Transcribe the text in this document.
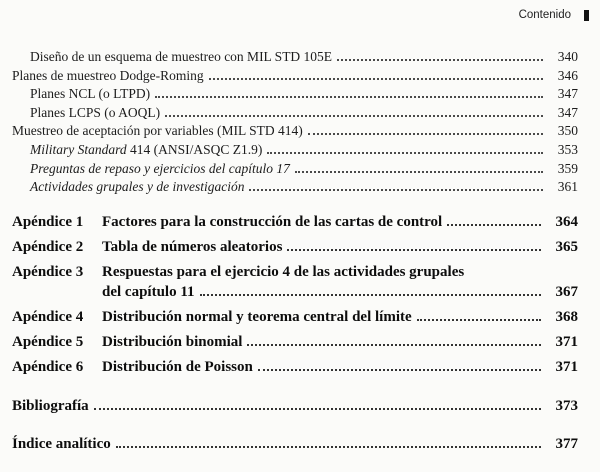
Contenido
Diseño de un esquema de muestreo con MIL STD 105E	340
Planes de muestreo Dodge-Roming	346
Planes NCL (o LTPD)	347
Planes LCPS (o AOQL)	347
Muestreo de aceptación por variables (MIL STD 414)	350
Military Standard 414 (ANSI/ASQC Z1.9)	353
Preguntas de repaso y ejercicios del capítulo 17	359
Actividades grupales y de investigación	361
Apéndice 1	Factores para la construcción de las cartas de control	364
Apéndice 2	Tabla de números aleatorios	365
Apéndice 3	Respuestas para el ejercicio 4 de las actividades grupales
del capítulo 11	367
Apéndice 4	Distribución normal y teorema central del límite	368
Apéndice 5	Distribución binomial	371
Apéndice 6	Distribución de Poisson	371
Bibliografía	373
Índice analítico	377
